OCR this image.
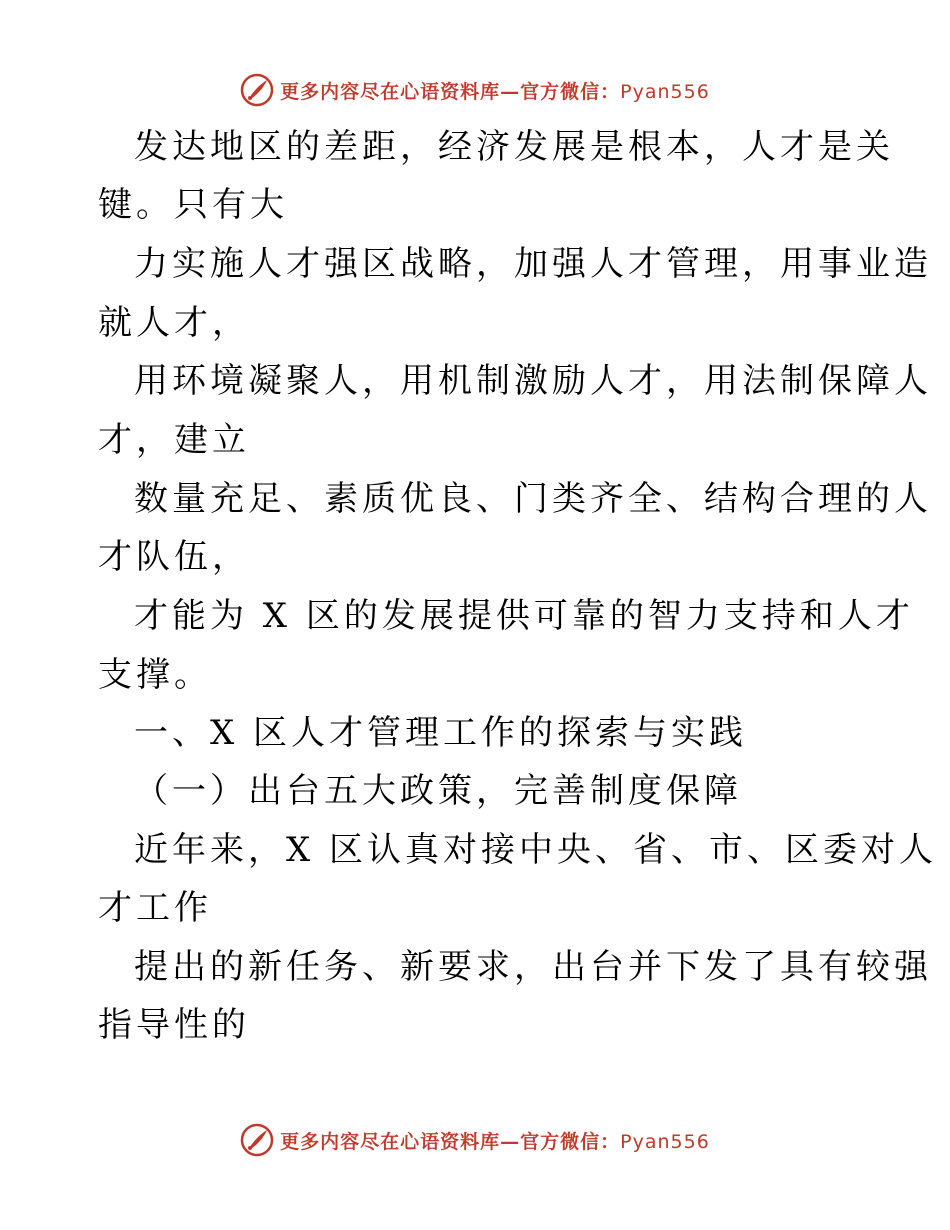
更多内容尽在心语资料库—官方微信：Pyan556
发达地区的差距，经济发展是根本，人才是关
键。只有大
力实施人才强区战略，加强人才管理，用事业造
就人才，
用环境凝聚人，用机制激励人才，用法制保障人
才，建立
数量充足、素质优良、门类齐全、结构合理的人
才队伍，
才能为 X 区的发展提供可靠的智力支持和人才
支撑。
一、X 区人才管理工作的探索与实践
（一）出台五大政策，完善制度保障
近年来，X 区认真对接中央、省、市、区委对人
才工作
提出的新任务、新要求，出台并下发了具有较强
指导性的
更多内容尽在心语资料库—官方微信：Pyan556
